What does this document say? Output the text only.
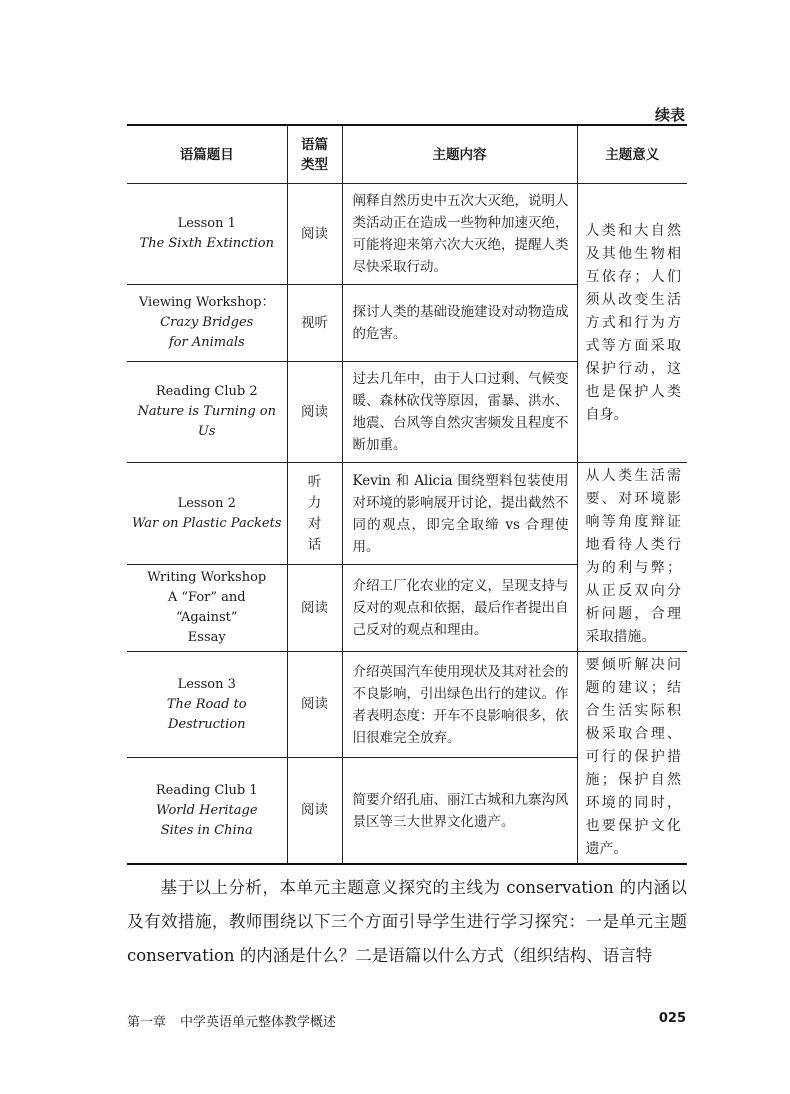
续表
语篇题目	语篇类型	主题内容	主题意义

Lesson 1
The Sixth Extinction	阅读	阐释自然历史中五次大灭绝，说明人类活动正在造成一些物种加速灭绝，可能将迎来第六次大灭绝，提醒人类尽快采取行动。	人类和大自然及其他生物相互依存；人们须从改变生活方式和行为方式等方面采取保护行动，这也是保护人类自身。

Viewing Workshop：
Crazy Bridges for Animals	视听	探讨人类的基础设施建设对动物造成的危害。	

Reading Club 2
Nature is Turning on Us	阅读	过去几年中，由于人口过剩、气候变暖、森林砍伐等原因，雷暴、洪水、地震、台风等自然灾害频发且程度不断加重。	

Lesson 2
War on Plastic Packets	听力对话	Kevin 和 Alicia 围绕塑料包装使用对环境的影响展开讨论，提出截然不同的观点，即完全取缔 vs 合理使用。	从人类生活需要、对环境影响等角度辩证地看待人类行为的利与弊；从正反双向分析问题，合理采取措施。

Writing Workshop
A “For” and “Against” Essay	阅读	介绍工厂化农业的定义，呈现支持与反对的观点和依据，最后作者提出自己反对的观点和理由。	

Lesson 3
The Road to Destruction	阅读	介绍英国汽车使用现状及其对社会的不良影响，引出绿色出行的建议。作者表明态度：开车不良影响很多，依旧很难完全放弃。	要倾听解决问题的建议；结合生活实际积极采取合理、可行的保护措施；保护自然环境的同时，也要保护文化遗产。

Reading Club 1
World Heritage Sites in China	阅读	简要介绍孔庙、丽江古城和九寨沟风景区等三大世界文化遗产。	
基于以上分析，本单元主题意义探究的主线为 conservation 的内涵以及有效措施，教师围绕以下三个方面引导学生进行学习探究：一是单元主题 conservation 的内涵是什么？二是语篇以什么方式（组织结构、语言特
第一章 中学英语单元整体教学概述	025
